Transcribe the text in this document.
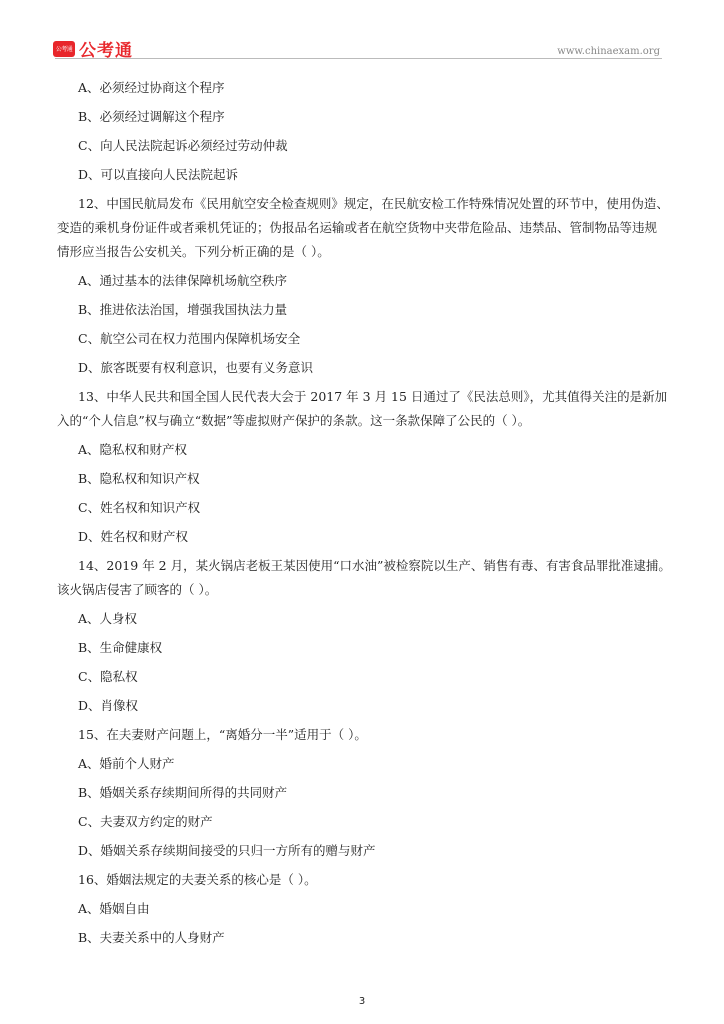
公考通 公考通	www.chinaexam.org
A、必须经过协商这个程序
B、必须经过调解这个程序
C、向人民法院起诉必须经过劳动仲裁
D、可以直接向人民法院起诉
12、中国民航局发布《民用航空安全检查规则》规定，在民航安检工作特殊情况处置的环节中，使用伪造、
变造的乘机身份证件或者乘机凭证的；伪报品名运输或者在航空货物中夹带危险品、违禁品、管制物品等违规
情形应当报告公安机关。下列分析正确的是（ ）。
A、通过基本的法律保障机场航空秩序
B、推进依法治国，增强我国执法力量
C、航空公司在权力范围内保障机场安全
D、旅客既要有权利意识，也要有义务意识
13、中华人民共和国全国人民代表大会于 2017 年 3 月 15 日通过了《民法总则》，尤其值得关注的是新加
入的“个人信息”权与确立“数据”等虚拟财产保护的条款。这一条款保障了公民的（ ）。
A、隐私权和财产权
B、隐私权和知识产权
C、姓名权和知识产权
D、姓名权和财产权
14、2019 年 2 月，某火锅店老板王某因使用“口水油”被检察院以生产、销售有毒、有害食品罪批准逮捕。
该火锅店侵害了顾客的（ ）。
A、人身权
B、生命健康权
C、隐私权
D、肖像权
15、在夫妻财产问题上，“离婚分一半”适用于（ ）。
A、婚前个人财产
B、婚姻关系存续期间所得的共同财产
C、夫妻双方约定的财产
D、婚姻关系存续期间接受的只归一方所有的赠与财产
16、婚姻法规定的夫妻关系的核心是（ ）。
A、婚姻自由
B、夫妻关系中的人身财产
3
